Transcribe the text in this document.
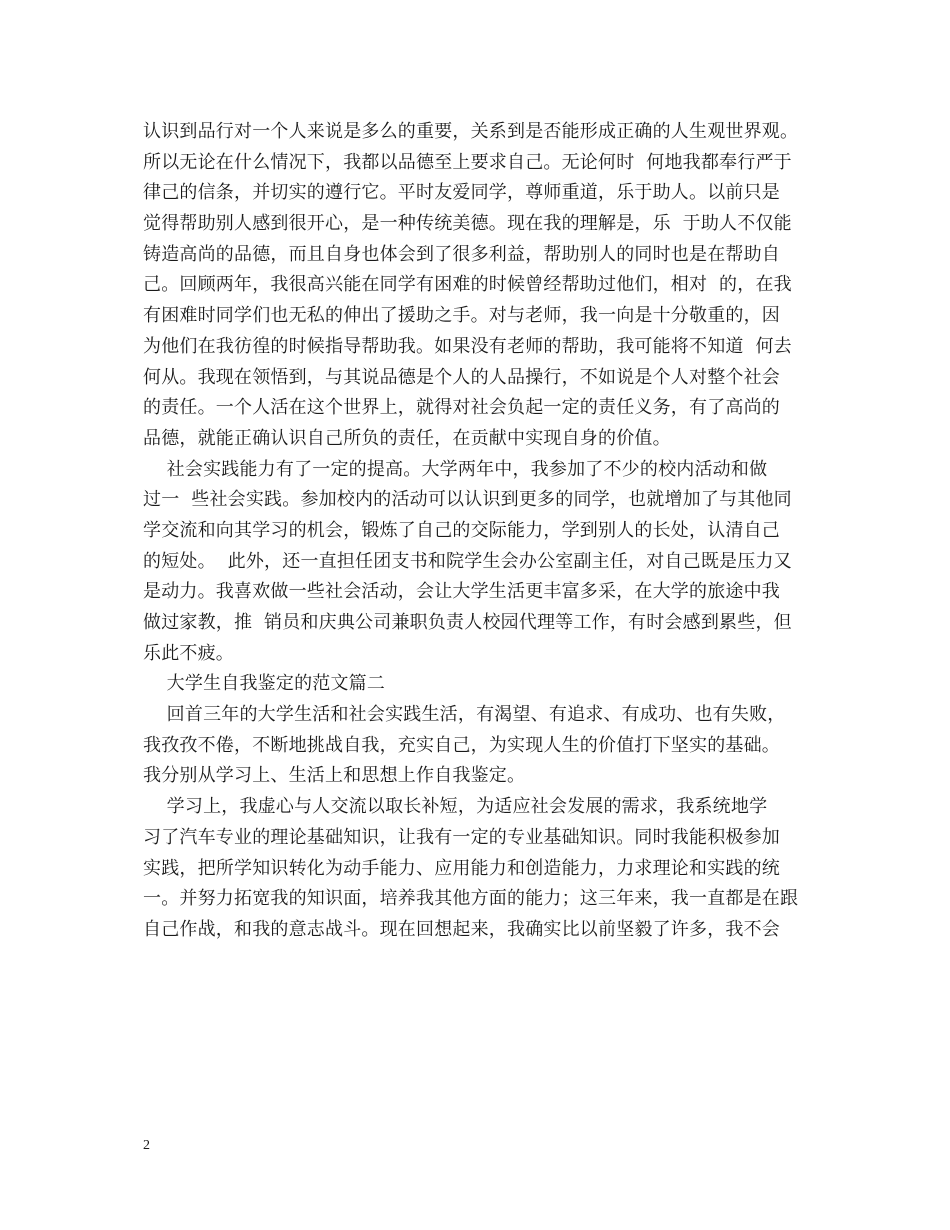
认识到品行对一个人来说是多么的重要，关系到是否能形成正确的人生观世界观。
所以无论在什么情况下，我都以品德至上要求自己。无论何时  何地我都奉行严于
律己的信条，并切实的遵行它。平时友爱同学，尊师重道，乐于助人。以前只是
觉得帮助别人感到很开心，是一种传统美德。现在我的理解是，乐  于助人不仅能
铸造高尚的品德，而且自身也体会到了很多利益，帮助别人的同时也是在帮助自
己。回顾两年，我很高兴能在同学有困难的时候曾经帮助过他们，相对  的，在我
有困难时同学们也无私的伸出了援助之手。对与老师，我一向是十分敬重的，因
为他们在我彷徨的时候指导帮助我。如果没有老师的帮助，我可能将不知道  何去
何从。我现在领悟到，与其说品德是个人的人品操行，不如说是个人对整个社会
的责任。一个人活在这个世界上，就得对社会负起一定的责任义务，有了高尚的
品德，就能正确认识自己所负的责任，在贡献中实现自身的价值。
社会实践能力有了一定的提高。大学两年中，我参加了不少的校内活动和做
过一  些社会实践。参加校内的活动可以认识到更多的同学，也就增加了与其他同
学交流和向其学习的机会，锻炼了自己的交际能力，学到别人的长处，认清自己
的短处。  此外，还一直担任团支书和院学生会办公室副主任，对自己既是压力又
是动力。我喜欢做一些社会活动，会让大学生活更丰富多采，在大学的旅途中我
做过家教，推  销员和庆典公司兼职负责人校园代理等工作，有时会感到累些，但
乐此不疲。
大学生自我鉴定的范文篇二
回首三年的大学生活和社会实践生活，有渴望、有追求、有成功、也有失败，
我孜孜不倦，不断地挑战自我，充实自己，为实现人生的价值打下坚实的基础。
我分别从学习上、生活上和思想上作自我鉴定。
学习上，我虚心与人交流以取长补短，为适应社会发展的需求，我系统地学
习了汽车专业的理论基础知识，让我有一定的专业基础知识。同时我能积极参加
实践，把所学知识转化为动手能力、应用能力和创造能力，力求理论和实践的统
一。并努力拓宽我的知识面，培养我其他方面的能力；这三年来，我一直都是在跟
自己作战，和我的意志战斗。现在回想起来，我确实比以前坚毅了许多，我不会
2
